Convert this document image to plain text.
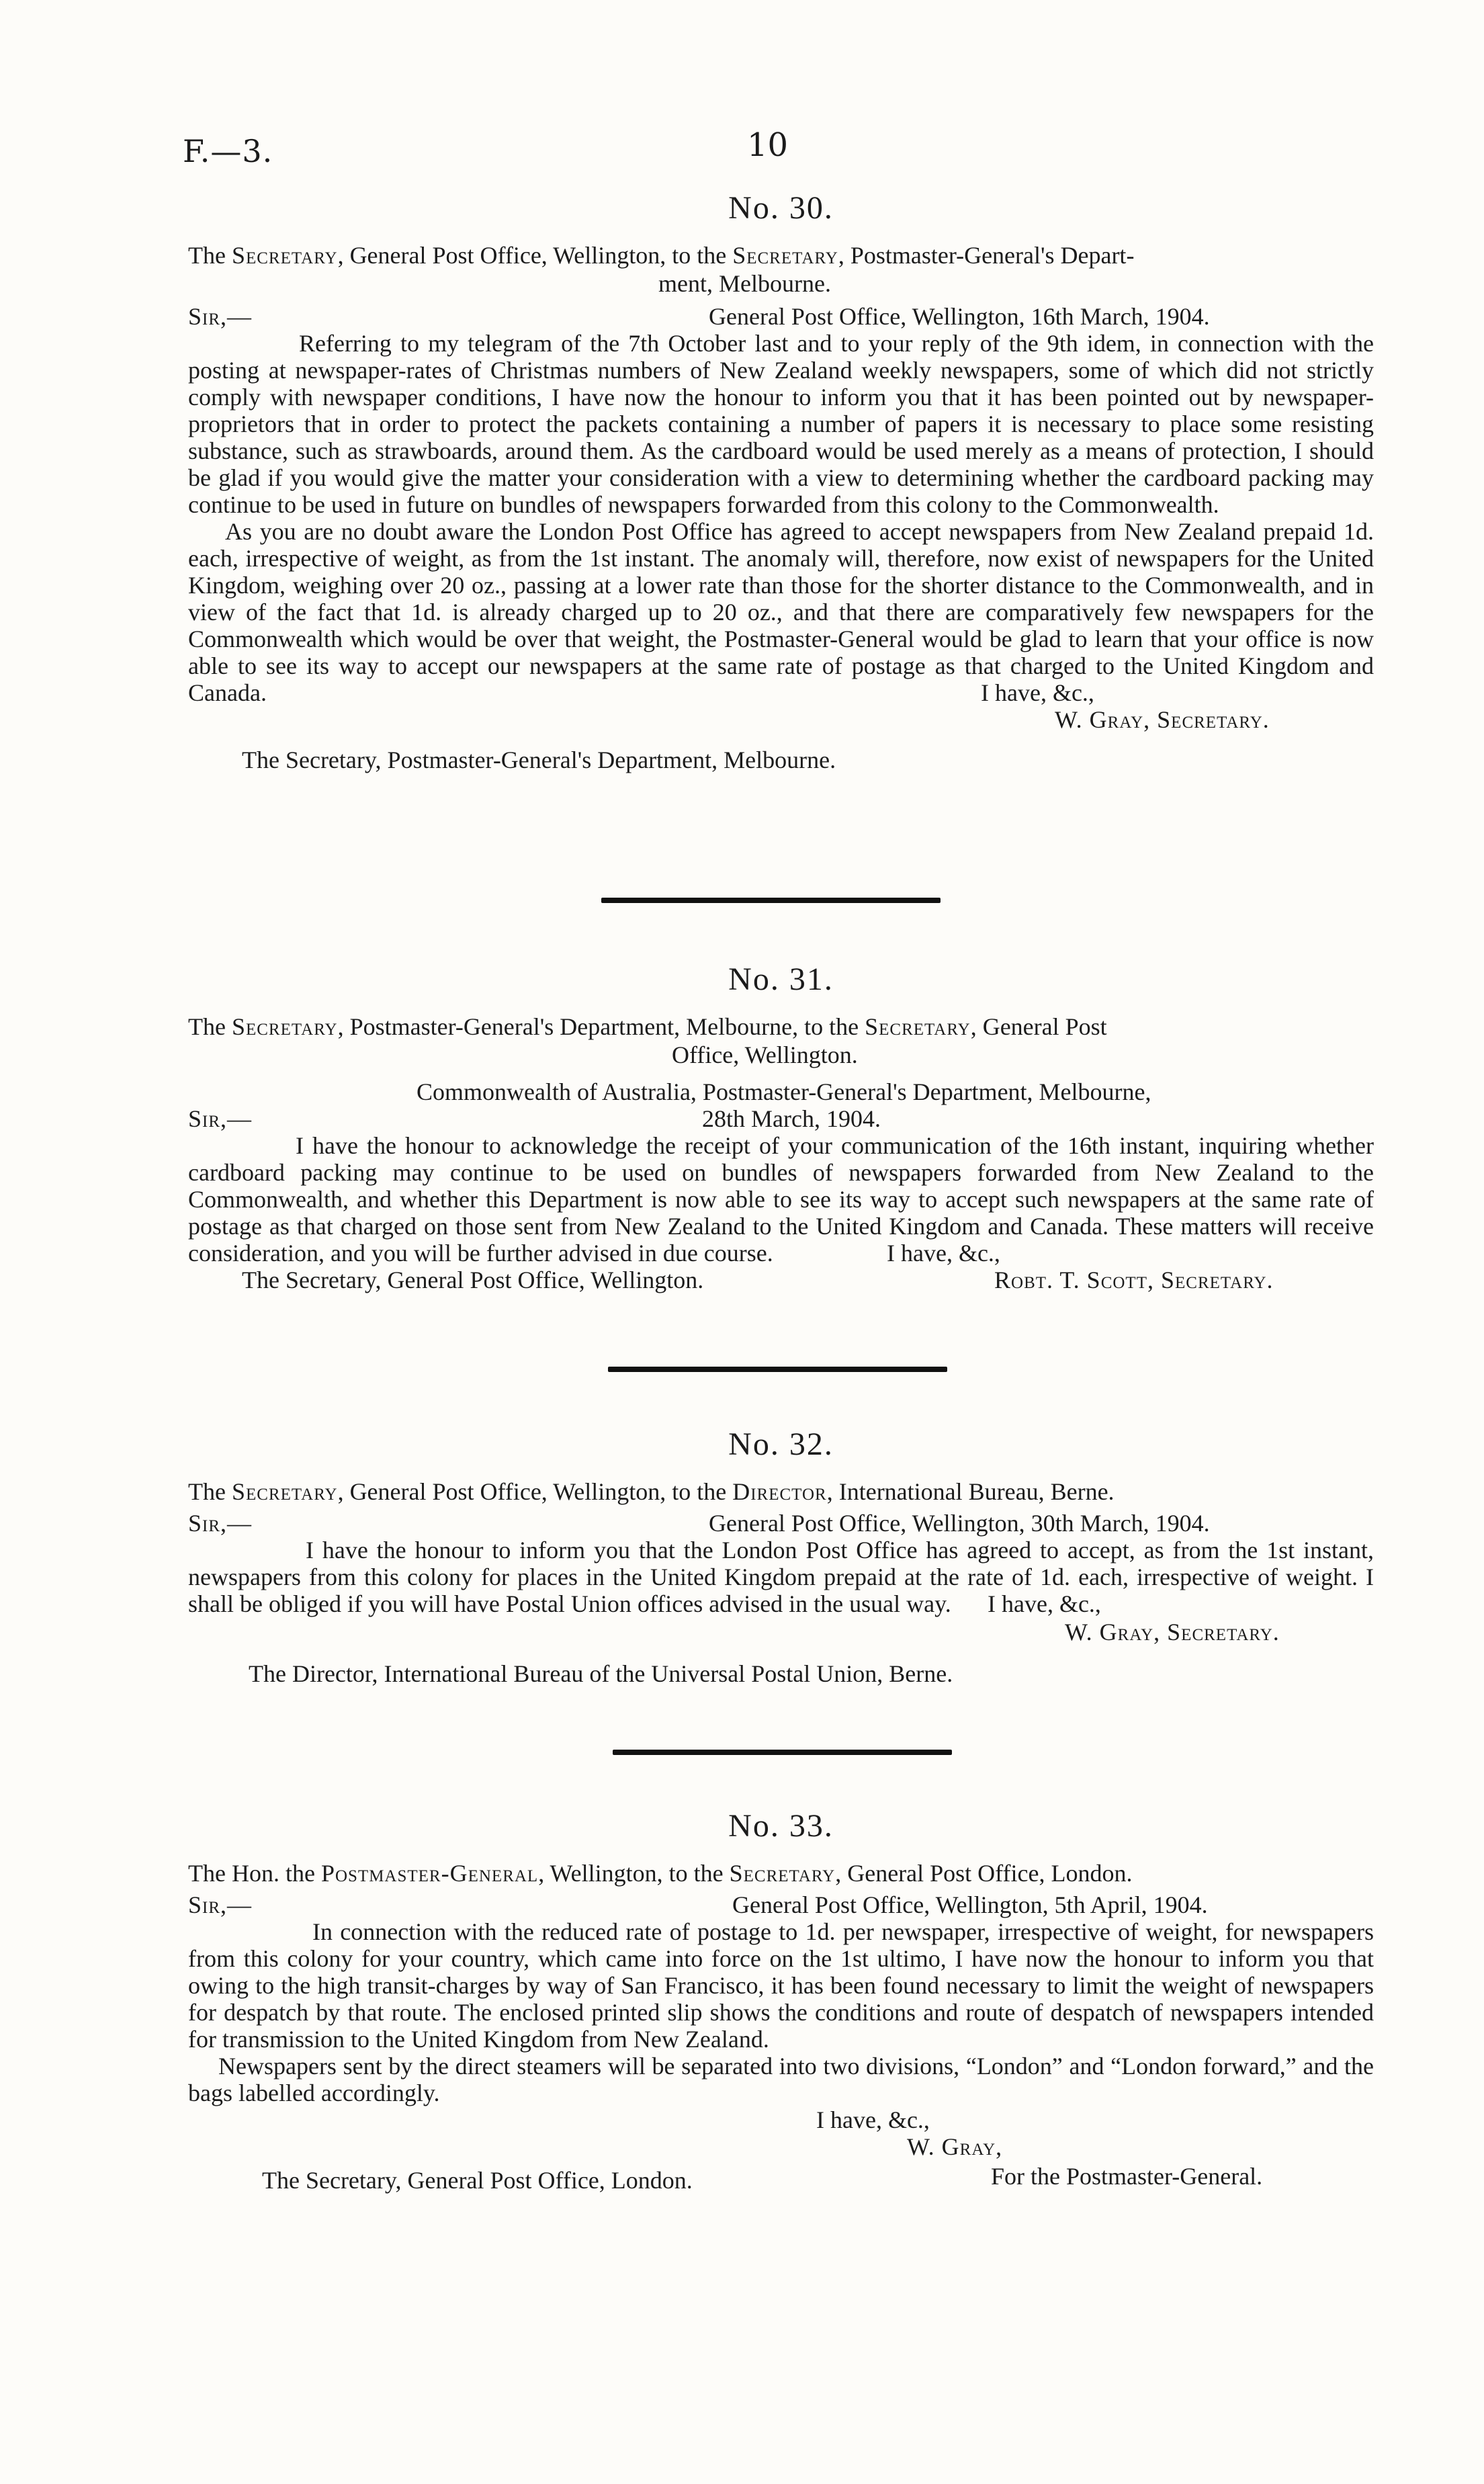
F.—3.	10
No. 30.
The Secretary, General Post Office, Wellington, to the Secretary, Postmaster-General's Depart-
ment, Melbourne.
Sir,—	General Post Office, Wellington, 16th March, 1904.

Referring to my telegram of the 7th October last and to your reply of the 9th idem, in connection with the posting at newspaper-rates of Christmas numbers of New Zealand weekly newspapers, some of which did not strictly comply with newspaper conditions, I have now the honour to inform you that it has been pointed out by newspaper-proprietors that in order to protect the packets containing a number of papers it is necessary to place some resisting substance, such as strawboards, around them. As the cardboard would be used merely as a means of protection, I should be glad if you would give the matter your consideration with a view to determining whether the cardboard packing may continue to be used in future on bundles of newspapers forwarded from this colony to the Commonwealth.

As you are no doubt aware the London Post Office has agreed to accept newspapers from New Zealand prepaid 1d. each, irrespective of weight, as from the 1st instant. The anomaly will, therefore, now exist of newspapers for the United Kingdom, weighing over 20 oz., passing at a lower rate than those for the shorter distance to the Commonwealth, and in view of the fact that 1d. is already charged up to 20 oz., and that there are comparatively few newspapers for the Commonwealth which would be over that weight, the Postmaster-General would be glad to learn that your office is now able to see its way to accept our newspapers at the same rate of postage as that charged to the United Kingdom and Canada.	I have, &c.,
W. Gray, Secretary.
The Secretary, Postmaster-General's Department, Melbourne.
No. 31.
The Secretary, Postmaster-General's Department, Melbourne, to the Secretary, General Post
Office, Wellington.
Commonwealth of Australia, Postmaster-General's Department, Melbourne,
Sir,—	28th March, 1904.

I have the honour to acknowledge the receipt of your communication of the 16th instant, inquiring whether cardboard packing may continue to be used on bundles of newspapers forwarded from New Zealand to the Commonwealth, and whether this Department is now able to see its way to accept such newspapers at the same rate of postage as that charged on those sent from New Zealand to the United Kingdom and Canada. These matters will receive consideration, and you will be further advised in due course.	I have, &c.,
The Secretary, General Post Office, Wellington.	Robt. T. Scott, Secretary.
No. 32.
The Secretary, General Post Office, Wellington, to the Director, International Bureau, Berne.
Sir,—	General Post Office, Wellington, 30th March, 1904.

I have the honour to inform you that the London Post Office has agreed to accept, as from the 1st instant, newspapers from this colony for places in the United Kingdom prepaid at the rate of 1d. each, irrespective of weight. I shall be obliged if you will have Postal Union offices advised in the usual way.	I have, &c.,
W. Gray, Secretary.
The Director, International Bureau of the Universal Postal Union, Berne.
No. 33.
The Hon. the Postmaster-General, Wellington, to the Secretary, General Post Office, London.
Sir,—	General Post Office, Wellington, 5th April, 1904.

In connection with the reduced rate of postage to 1d. per newspaper, irrespective of weight, for newspapers from this colony for your country, which came into force on the 1st ultimo, I have now the honour to inform you that owing to the high transit-charges by way of San Francisco, it has been found necessary to limit the weight of newspapers for despatch by that route. The enclosed printed slip shows the conditions and route of despatch of newspapers intended for transmission to the United Kingdom from New Zealand.

Newspapers sent by the direct steamers will be separated into two divisions, “London” and “London forward,” and the bags labelled accordingly.

I have, &c.,
W. Gray,
The Secretary, General Post Office, London.	For the Postmaster-General.
